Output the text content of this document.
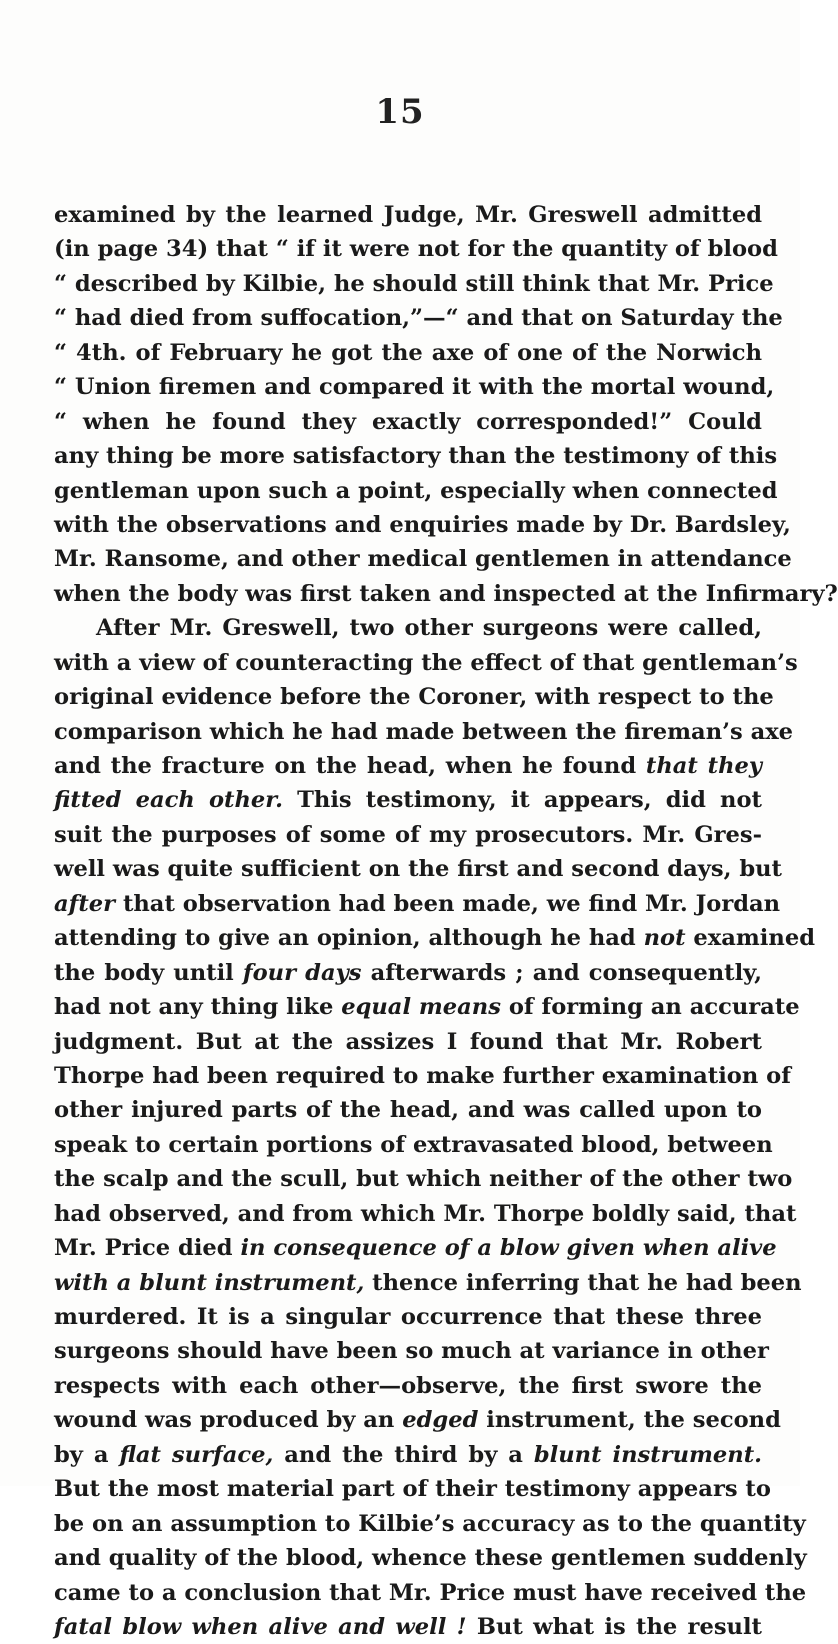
15
examined by the learned Judge, Mr. Greswell admitted
(in page 34) that “ if it were not for the quantity of blood
“ described by Kilbie, he should still think that Mr. Price
“ had died from suffocation,”—“ and that on Saturday the
“ 4th. of February he got the axe of one of the Norwich
“ Union firemen and compared it with the mortal wound,
“ when he found they exactly corresponded!” Could
any thing be more satisfactory than the testimony of this
gentleman upon such a point, especially when connected
with the observations and enquiries made by Dr. Bardsley,
Mr. Ransome, and other medical gentlemen in attendance
when the body was first taken and inspected at the Infirmary?
After Mr. Greswell, two other surgeons were called,
with a view of counteracting the effect of that gentleman’s
original evidence before the Coroner, with respect to the
comparison which he had made between the fireman’s axe
and the fracture on the head, when he found that they
fitted each other. This testimony, it appears, did not
suit the purposes of some of my prosecutors. Mr. Gres-
well was quite sufficient on the first and second days, but
after that observation had been made, we find Mr. Jordan
attending to give an opinion, although he had not examined
the body until four days afterwards ; and consequently,
had not any thing like equal means of forming an accurate
judgment. But at the assizes I found that Mr. Robert
Thorpe had been required to make further examination of
other injured parts of the head, and was called upon to
speak to certain portions of extravasated blood, between
the scalp and the scull, but which neither of the other two
had observed, and from which Mr. Thorpe boldly said, that
Mr. Price died in consequence of a blow given when alive
with a blunt instrument, thence inferring that he had been
murdered. It is a singular occurrence that these three
surgeons should have been so much at variance in other
respects with each other—observe, the first swore the
wound was produced by an edged instrument, the second
by a flat surface, and the third by a blunt instrument.
But the most material part of their testimony appears to
be on an assumption to Kilbie’s accuracy as to the quantity
and quality of the blood, whence these gentlemen suddenly
came to a conclusion that Mr. Price must have received the
fatal blow when alive and well ! But what is the result
